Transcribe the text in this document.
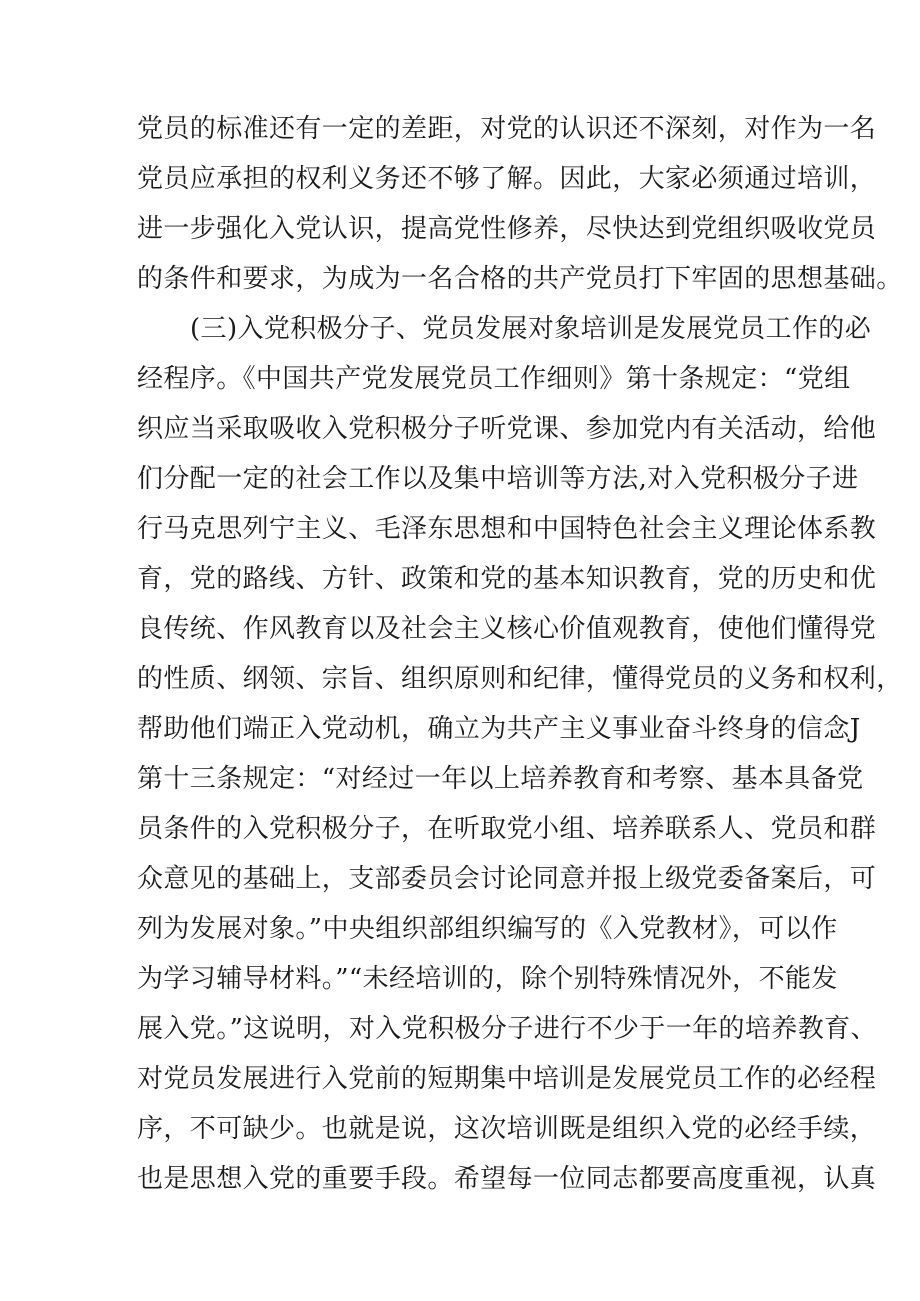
党员的标准还有一定的差距，对党的认识还不深刻，对作为一名
党员应承担的权利义务还不够了解。因此，大家必须通过培训，
进一步强化入党认识，提高党性修养，尽快达到党组织吸收党员
的条件和要求，为成为一名合格的共产党员打下牢固的思想基础。
(三)入党积极分子、党员发展对象培训是发展党员工作的必
经程序。《中国共产党发展党员工作细则》第十条规定：“党组
织应当采取吸收入党积极分子听党课、参加党内有关活动，给他
们分配一定的社会工作以及集中培训等方法,对入党积极分子进
行马克思列宁主义、毛泽东思想和中国特色社会主义理论体系教
育，党的路线、方针、政策和党的基本知识教育，党的历史和优
良传统、作风教育以及社会主义核心价值观教育，使他们懂得党
的性质、纲领、宗旨、组织原则和纪律，懂得党员的义务和权利，
帮助他们端正入党动机，确立为共产主义事业奋斗终身的信念J
第十三条规定：“对经过一年以上培养教育和考察、基本具备党
员条件的入党积极分子，在听取党小组、培养联系人、党员和群
众意见的基础上，支部委员会讨论同意并报上级党委备案后，可
列为发展对象。”中央组织部组织编写的《入党教材》，可以作
为学习辅导材料。”“未经培训的，除个别特殊情况外，不能发
展入党。”这说明，对入党积极分子进行不少于一年的培养教育、
对党员发展进行入党前的短期集中培训是发展党员工作的必经程
序，不可缺少。也就是说，这次培训既是组织入党的必经手续，
也是思想入党的重要手段。希望每一位同志都要高度重视，认真
